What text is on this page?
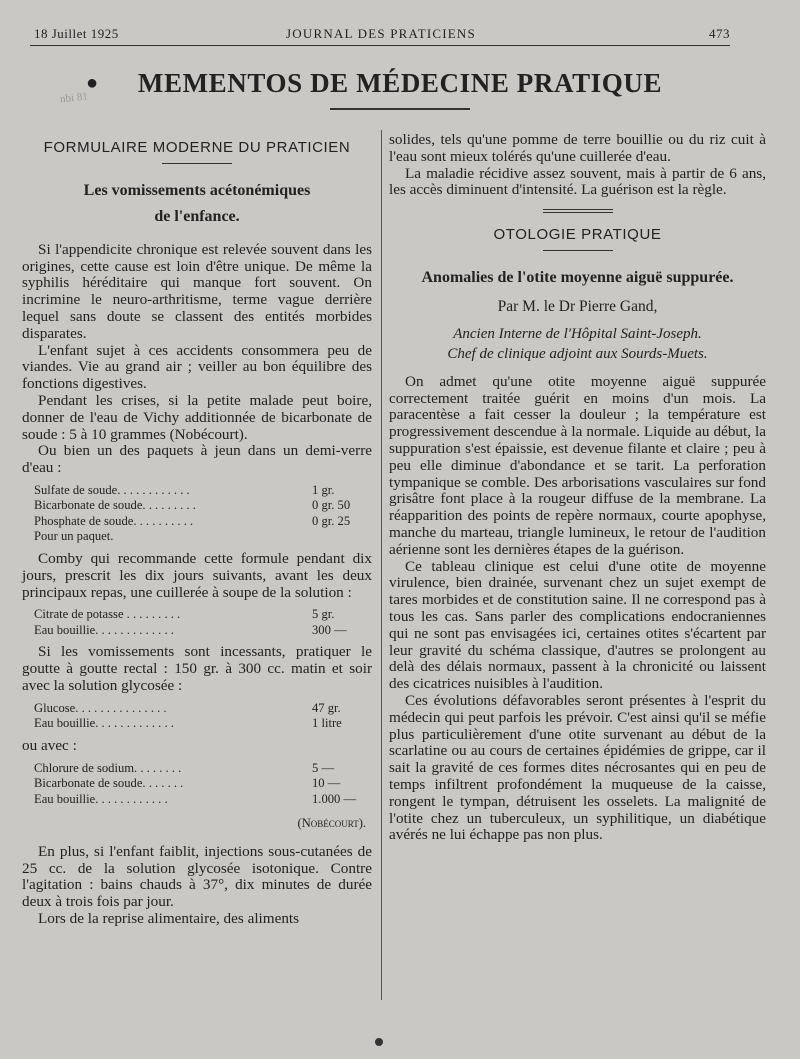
18 Juillet 1925	JOURNAL DES PRATICIENS	473
nbi 81
●	MEMENTOS DE MÉDECINE PRATIQUE
FORMULAIRE MODERNE DU PRATICIEN
Les vomissements acétonémiques
de l'enfance.

Si l'appendicite chronique est relevée souvent dans les origines, cette cause est loin d'être unique. De même la syphilis héréditaire qui manque fort souvent. On incrimine le neuro-arthritisme, terme vague derrière lequel sans doute se classent des entités morbides disparates.

L'enfant sujet à ces accidents consommera peu de viandes. Vie au grand air ; veiller au bon équilibre des fonctions digestives.

Pendant les crises, si la petite malade peut boire, donner de l'eau de Vichy additionnée de bicarbonate de soude : 5 à 10 grammes (Nobécourt).

Ou bien un des paquets à jeun dans un demi-verre d'eau :

Sulfate de soude. . . . . . . . . . . .	1 gr.
Bicarbonate de soude. . . . . . . . .	0 gr. 50
Phosphate de soude. . . . . . . . . .	0 gr. 25
Pour un paquet.

Comby qui recommande cette formule pendant dix jours, prescrit les dix jours suivants, avant les deux principaux repas, une cuillerée à soupe de la solution :

Citrate de potasse . . . . . . . . .	5 gr.
Eau bouillie. . . . . . . . . . . . .	300 —

Si les vomissements sont incessants, pratiquer le goutte à goutte rectal : 150 gr. à 300 cc. matin et soir avec la solution glycosée :

Glucose. . . . . . . . . . . . . . .	47 gr.
Eau bouillie. . . . . . . . . . . . .	1 litre

ou avec :

Chlorure de sodium. . . . . . . .	5 —
Bicarbonate de soude. . . . . . .	10 —
Eau bouillie. . . . . . . . . . . .	1.000 —
(Nobécourt).

En plus, si l'enfant faiblit, injections sous-cutanées de 25 cc. de la solution glycosée isotonique. Contre l'agitation : bains chauds à 37°, dix minutes de durée deux à trois fois par jour.

Lors de la reprise alimentaire, des aliments

solides, tels qu'une pomme de terre bouillie ou du riz cuit à l'eau sont mieux tolérés qu'une cuillerée d'eau.

La maladie récidive assez souvent, mais à partir de 6 ans, les accès diminuent d'intensité. La guérison est la règle.

OTOLOGIE PRATIQUE
Anomalies de l'otite moyenne aiguë suppurée.
Par M. le Dr Pierre Gand,
Ancien Interne de l'Hôpital Saint-Joseph.
Chef de clinique adjoint aux Sourds-Muets.

On admet qu'une otite moyenne aiguë suppurée correctement traitée guérit en moins d'un mois. La paracentèse a fait cesser la douleur ; la température est progressivement descendue à la normale. Liquide au début, la suppuration s'est épaissie, est devenue filante et claire ; peu à peu elle diminue d'abondance et se tarit. La perforation tympanique se comble. Des arborisations vasculaires sur fond grisâtre font place à la rougeur diffuse de la membrane. La réapparition des points de repère normaux, courte apophyse, manche du marteau, triangle lumineux, le retour de l'audition aérienne sont les dernières étapes de la guérison.

Ce tableau clinique est celui d'une otite de moyenne virulence, bien drainée, survenant chez un sujet exempt de tares morbides et de constitution saine. Il ne correspond pas à tous les cas. Sans parler des complications endocraniennes qui ne sont pas envisagées ici, certaines otites s'écartent par leur gravité du schéma classique, d'autres se prolongent au delà des délais normaux, passent à la chronicité ou laissent des cicatrices nuisibles à l'audition.

Ces évolutions défavorables seront présentes à l'esprit du médecin qui peut parfois les prévoir. C'est ainsi qu'il se méfie plus particulièrement d'une otite survenant au début de la scarlatine ou au cours de certaines épidémies de grippe, car il sait la gravité de ces formes dites nécrosantes qui en peu de temps infiltrent profondément la muqueuse de la caisse, rongent le tympan, détruisent les osselets. La malignité de l'otite chez un tuberculeux, un syphilitique, un diabétique avérés ne lui échappe pas non plus.
